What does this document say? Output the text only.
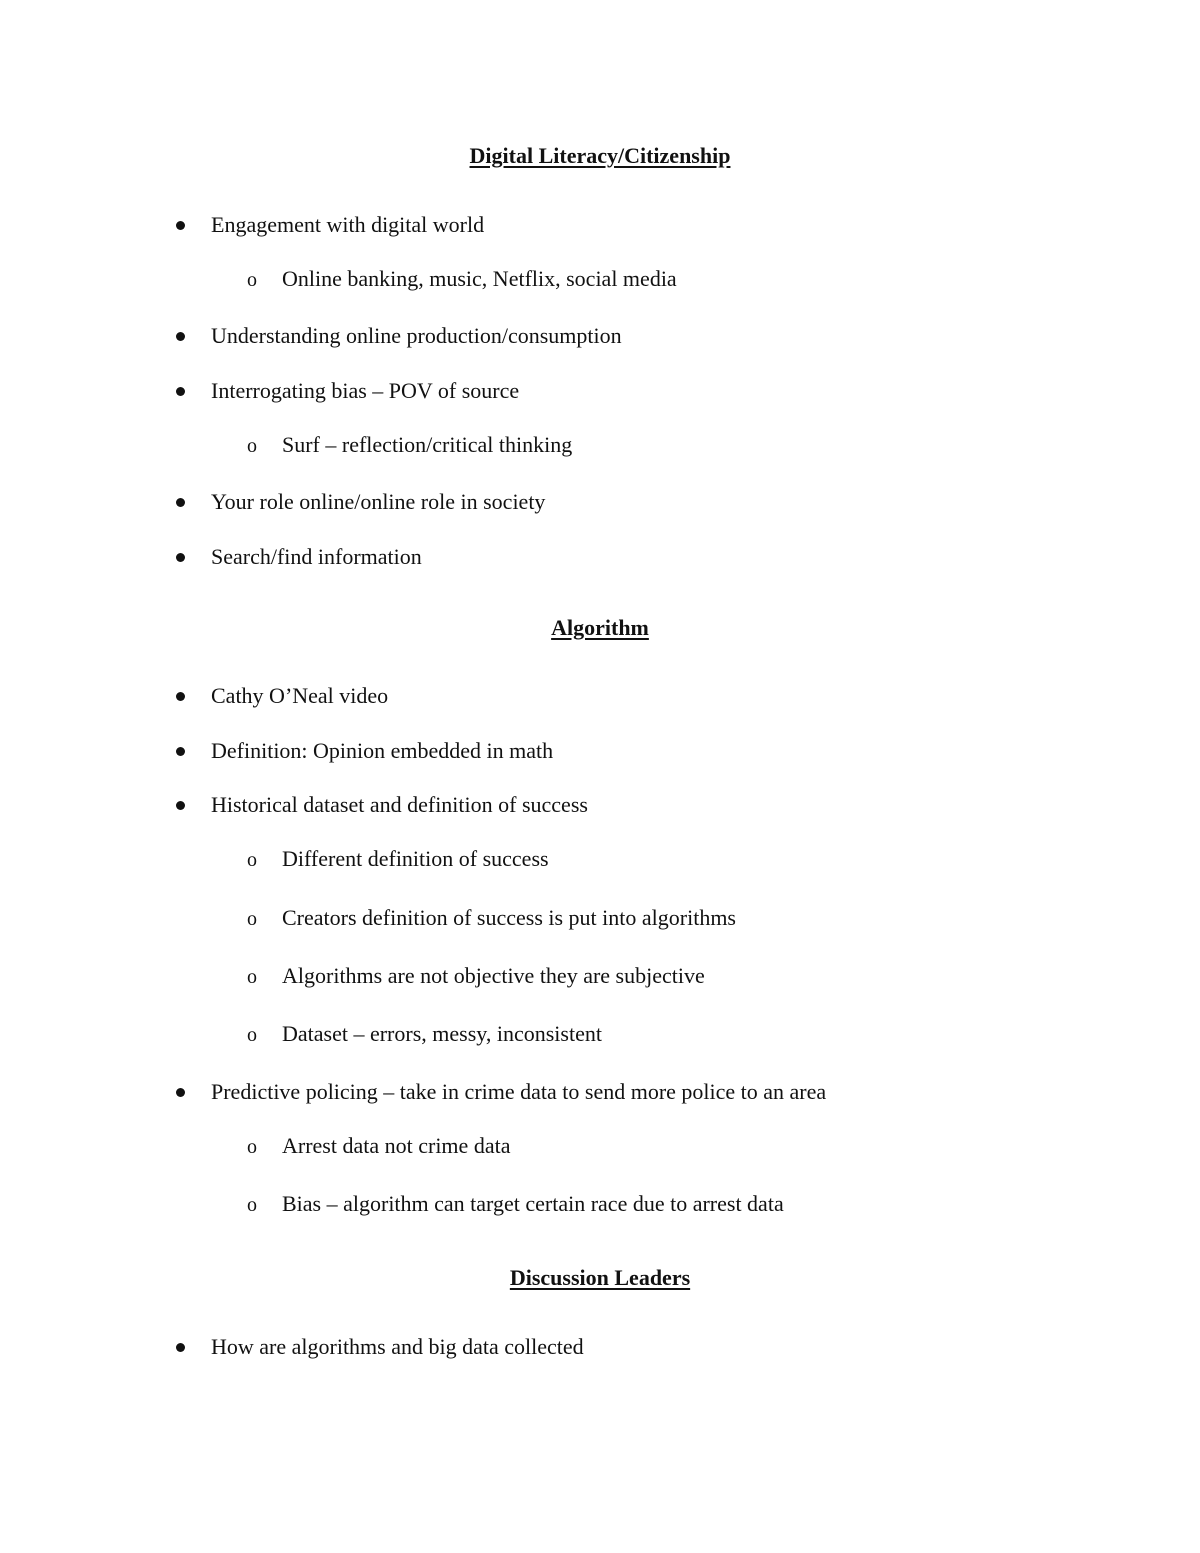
Digital Literacy/Citizenship
Engagement with digital world
o Online banking, music, Netflix, social media
Understanding online production/consumption
Interrogating bias – POV of source
o Surf – reflection/critical thinking
Your role online/online role in society
Search/find information
Algorithm
Cathy O’Neal video
Definition: Opinion embedded in math
Historical dataset and definition of success
o Different definition of success
o Creators definition of success is put into algorithms
o Algorithms are not objective they are subjective
o Dataset – errors, messy, inconsistent
Predictive policing – take in crime data to send more police to an area
o Arrest data not crime data
o Bias – algorithm can target certain race due to arrest data
Discussion Leaders
How are algorithms and big data collected
